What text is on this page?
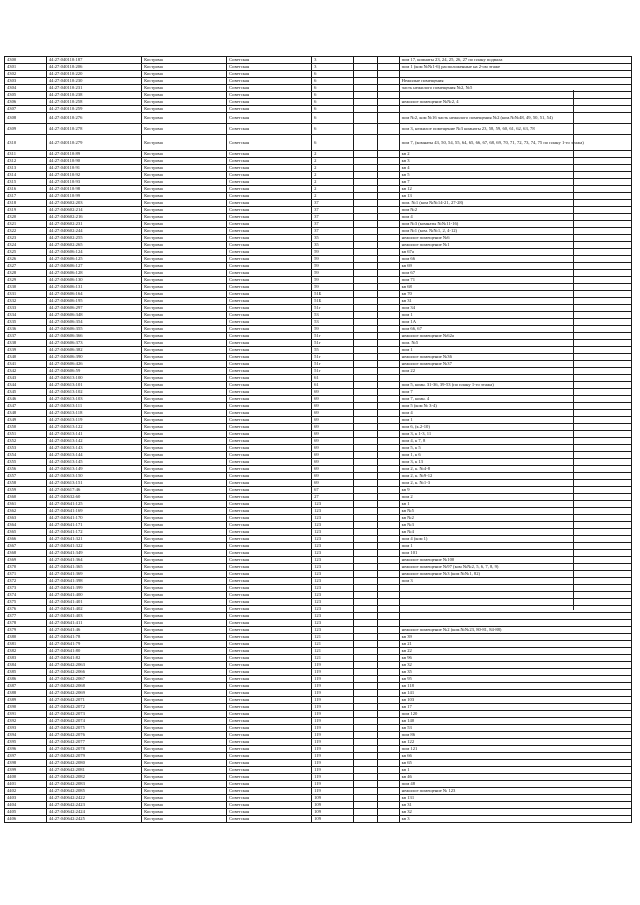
4300	44:27:040110:187	Кострома	Советская	3			пом 17, комнаты 23, 24, 25, 26, 27 по плану подвала
4301	44:27:040110:206	Кострома	Советская	3			пом 1 (ком №№1-6) расположенные на 2-ом этаже
4302	44:27:040110:220	Кострома	Советская	6			
4303	44:27:040110:230	Кострома	Советская	6			Нежилые помещения
4304	44:27:040110:231	Кострома	Советская	6			часть нежилого помещения №2, №5
4305	44:27:040110:238	Кострома	Советская	6			
4306	44:27:040110:258	Кострома	Советская	6			нежилое помещение №№2, 4
4307	44:27:040110:259	Кострома	Советская	6			
4308	44:27:040110:276	Кострома	Советская	6			пом №2, ком №16 часть нежилого помещения №2 (ком.№№48, 49, 50, 51, 54)
4309	44:27:040110:278	Кострома	Советская	6			пом 3, нежилое помещение №3 комнаты 23, 58, 59, 60, 61, 62, 63, 78
4310	44:27:040110:279	Кострома	Советская	6			пом 7, (комнаты 43, 50, 54, 55, 64, 65, 66, 67, 68, 69, 70, 71, 72, 73, 74, 75 по плану 1-го этажа)
4311	44:27:040110:89	Кострома	Советская	2			кв 2
4312	44:27:040110:90	Кострома	Советская	2			кв 3
4313	44:27:040110:91	Кострома	Советская	2			кв 4
4314	44:27:040110:92	Кострома	Советская	2			кв 5
4315	44:27:040110:93	Кострома	Советская	2			кв 7
4316	44:27:040110:98	Кострома	Советская	2			кв 12
4317	44:27:040110:99	Кострома	Советская	2			кв 13
4318	44:27:040602:203	Кострома	Советская	37			пом. №1 (ком №№14-21, 27-28)
4319	44:27:040602:214	Кострома	Советская	37			пом №2
4320	44:27:040602:216	Кострома	Советская	37			пом 4
4321	44:27:040602:231	Кострома	Советская	37			пом №3 (комнаты №№11-16)
4322	44:27:040602:244	Кострома	Советская	37			пом №1 (ком. №№1, 2, 4-12)
4323	44:27:040602:255	Кострома	Советская	35			нежилое помещение №6
4324	44:27:040602:265	Кострома	Советская	35			нежилое помещение №1
4325	44:27:040606:124	Кострома	Советская	59			кв 67а
4326	44:27:040606:125	Кострома	Советская	59			пом 66
4327	44:27:040606:127	Кострома	Советская	59			кв 69
4328	44:27:040606:128	Кострома	Советская	59			пом 67
4329	44:27:040606:130	Кострома	Советская	59			пом 71
4330	44:27:040606:131	Кострома	Советская	59			кв 68
4331	44:27:040606:164	Кострома	Советская	51Б			кв 70
4332	44:27:040606:195	Кострома	Советская	51Б			кв 31
4333	44:27:040606:297	Кострома	Советская	51г			пом 34
4334	44:27:040606:348	Кострома	Советская	53			пом 1
4335	44:27:040606:354	Кострома	Советская	53			пом 1А
4336	44:27:040606:355	Кострома	Советская	59			пом 66, 67
4337	44:27:040606:366	Кострома	Советская	51г			нежилое помещение №62a
4338	44:27:040606:373	Кострома	Советская	51г			пом. №5
4339	44:27:040606:382	Кострома	Советская	55			пом 1
4340	44:27:040606:390	Кострома	Советская	51г			нежилое помещение №36
4341	44:27:040606:426	Кострома	Советская	51г			нежилое помещение №37
4342	44:27:040606:59	Кострома	Советская	51г			пом 22
4343	44:27:040613:100	Кострома	Советская	61			
4344	44:27:040613:101	Кострома	Советская	61			пом 5, комн. 31-36, 39-53 (по плану 1-го этажа)
4345	44:27:040613:102	Кострома	Советская	69			пом 7
4346	44:27:040613:103	Кострома	Советская	69			пом 7, комн. 4
4347	44:27:040613:111	Кострома	Советская	69			пом 5 (ком № 3-4)
4348	44:27:040613:118	Кострома	Советская	69			пом 4
4349	44:27:040613:119	Кострома	Советская	69			пом 1
4350	44:27:040613:122	Кострома	Советская	69			пом 6, (к.2-10)
4351	44:27:040613:141	Кострома	Советская	69			пом 3, к 1-3, 11
4352	44:27:040613:142	Кострома	Советская	69			пом 4, к 7, 8
4353	44:27:040613:143	Кострома	Советская	69			пом 5, к 5
4354	44:27:040613:144	Кострома	Советская	69			пом 1, к 6
4355	44:27:040613:145	Кострома	Советская	69			пом 3, к 13
4356	44:27:040613:149	Кострома	Советская	69			пом 2, к. №4-8
4357	44:27:040613:150	Кострома	Советская	69			пом 2, к. №9-12
4358	44:27:040613:151	Кострома	Советская	69			пом 2, к. №1-3
4359	44:27:040617:46	Кострома	Советская	67			кв 9
4360	44:27:040632:60	Кострома	Советская	27			пом 2
4361	44:27:040641:125	Кострома	Советская	123			кв 1
4362	44:27:040641:169	Кострома	Советская	123			кв №5
4363	44:27:040641:170	Кострома	Советская	123			кв №2
4364	44:27:040641:171	Кострома	Советская	123			кв №3
4365	44:27:040641:172	Кострома	Советская	123			кв №4
4366	44:27:040641:321	Кострома	Советская	123			пом 4 (ком 1)
4367	44:27:040641:322	Кострома	Советская	123			пом 1
4368	44:27:040641:349	Кострома	Советская	123			пом 101
4369	44:27:040641:364	Кострома	Советская	123			нежилое помещение №100
4370	44:27:040641:365	Кострома	Советская	123			нежилое помещение №97 (ком №№2, 5, 6, 7, 8, 9)
4371	44:27:040641:369	Кострома	Советская	123			нежилое помещение №3 (ком №№1, 82)
4372	44:27:040641:398	Кострома	Советская	123			пом 3
4373	44:27:040641:399	Кострома	Советская	123			
4374	44:27:040641:400	Кострома	Советская	123			
4375	44:27:040641:401	Кострома	Советская	123			
4376	44:27:040641:402	Кострома	Советская	123			
4377	44:27:040641:403	Кострома	Советская	123			
4378	44:27:040641:411	Кострома	Советская	123			
4379	44:27:040641:46	Кострома	Советская	123			нежилое помещение №2 (ком.№№23, 80-81, 84-88)
4380	44:27:040641:78	Кострома	Советская	121			кв 39
4381	44:27:040641:79	Кострома	Советская	121			кв 21
4382	44:27:040641:80	Кострома	Советская	121			кв 22
4383	44:27:040641:82	Кострома	Советская	121			кв 96
4384	44:27:040642:2063	Кострома	Советская	119			кв 32
4385	44:27:040642:2066	Кострома	Советская	119			кв 35
4386	44:27:040642:2067	Кострома	Советская	119			кв 95
4387	44:27:040642:2068	Кострома	Советская	119			кв 118
4388	44:27:040642:2069	Кострома	Советская	119			кв 141
4389	44:27:040642:2071	Кострома	Советская	119			кв 103
4390	44:27:040642:2072	Кострома	Советская	119			кв 17
4391	44:27:040642:2073	Кострома	Советская	119			пом 120
4392	44:27:040642:2074	Кострома	Советская	119			кв 140
4393	44:27:040642:2075	Кострома	Советская	119			кв 53
4394	44:27:040642:2076	Кострома	Советская	119			пом 86
4395	44:27:040642:2077	Кострома	Советская	119			кв 122
4396	44:27:040642:2078	Кострома	Советская	119			пом 121
4397	44:27:040642:2079	Кострома	Советская	119			кв 66
4398	44:27:040642:2080	Кострома	Советская	119			кв 65
4399	44:27:040642:2081	Кострома	Советская	119			кв 1
4400	44:27:040642:2082	Кострома	Советская	119			кв 46
4401	44:27:040642:2083	Кострома	Советская	119			пом 48
4402	44:27:040642:2085	Кострома	Советская	119			нежилое помещение № 123
4403	44:27:040642:2422	Кострома	Советская	109			кв 131
4404	44:27:040642:2423	Кострома	Советская	109			кв 31
4405	44:27:040642:2424	Кострома	Советская	109			кв 32
4406	44:27:040642:2425	Кострома	Советская	109			кв 3
